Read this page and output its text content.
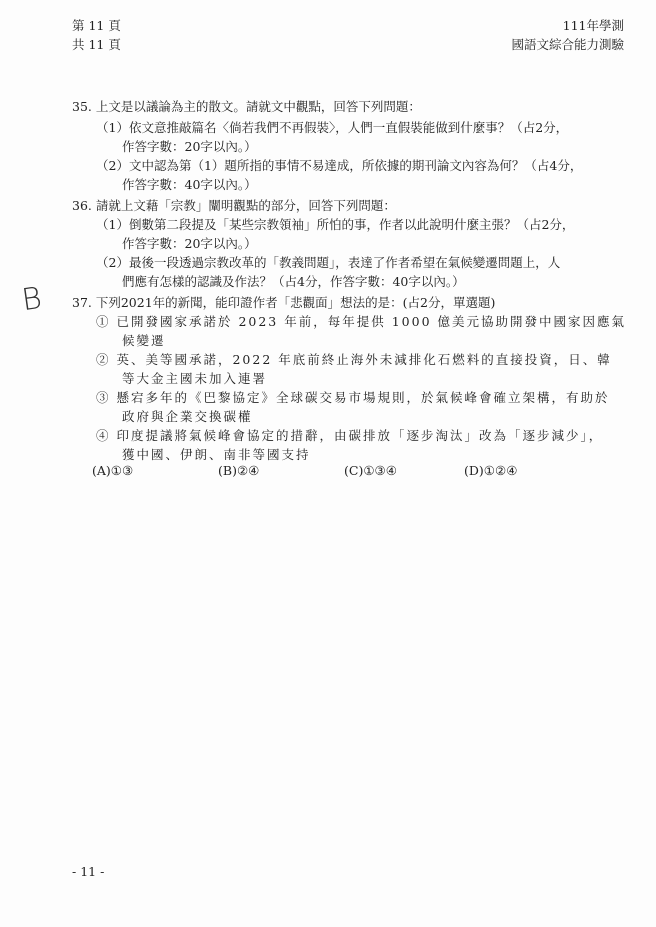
第 11 頁
共 11 頁
111年學測
國語文綜合能力測驗
35. 上文是以議論為主的散文。請就文中觀點，回答下列問題：
（1）依文意推敲篇名〈倘若我們不再假裝〉，人們一直假裝能做到什麼事？（占2分，
作答字數：20字以內。）
（2）文中認為第（1）題所指的事情不易達成，所依據的期刊論文內容為何？（占4分，
作答字數：40字以內。）
36. 請就上文藉「宗教」闡明觀點的部分，回答下列問題：
（1）倒數第二段提及「某些宗教領袖」所怕的事，作者以此說明什麼主張？（占2分，
作答字數：20字以內。）
（2）最後一段透過宗教改革的「教義問題」，表達了作者希望在氣候變遷問題上，人
們應有怎樣的認識及作法？（占4分，作答字數：40字以內。）
B 37. 下列2021年的新聞，能印證作者「悲觀面」想法的是：(占2分，單選題)
① 已開發國家承諾於 2023 年前，每年提供 1000 億美元協助開發中國家因應氣
候變遷
② 英、美等國承諾，2022 年底前終止海外未減排化石燃料的直接投資，日、韓
等大金主國未加入連署
③ 懸宕多年的《巴黎協定》全球碳交易市場規則，於氣候峰會確立架構，有助於
政府與企業交換碳權
④ 印度提議將氣候峰會協定的措辭，由碳排放「逐步淘汰」改為「逐步減少」，
獲中國、伊朗、南非等國支持
(A)①③	(B)②④	(C)①③④	(D)①②④
- 11 -
